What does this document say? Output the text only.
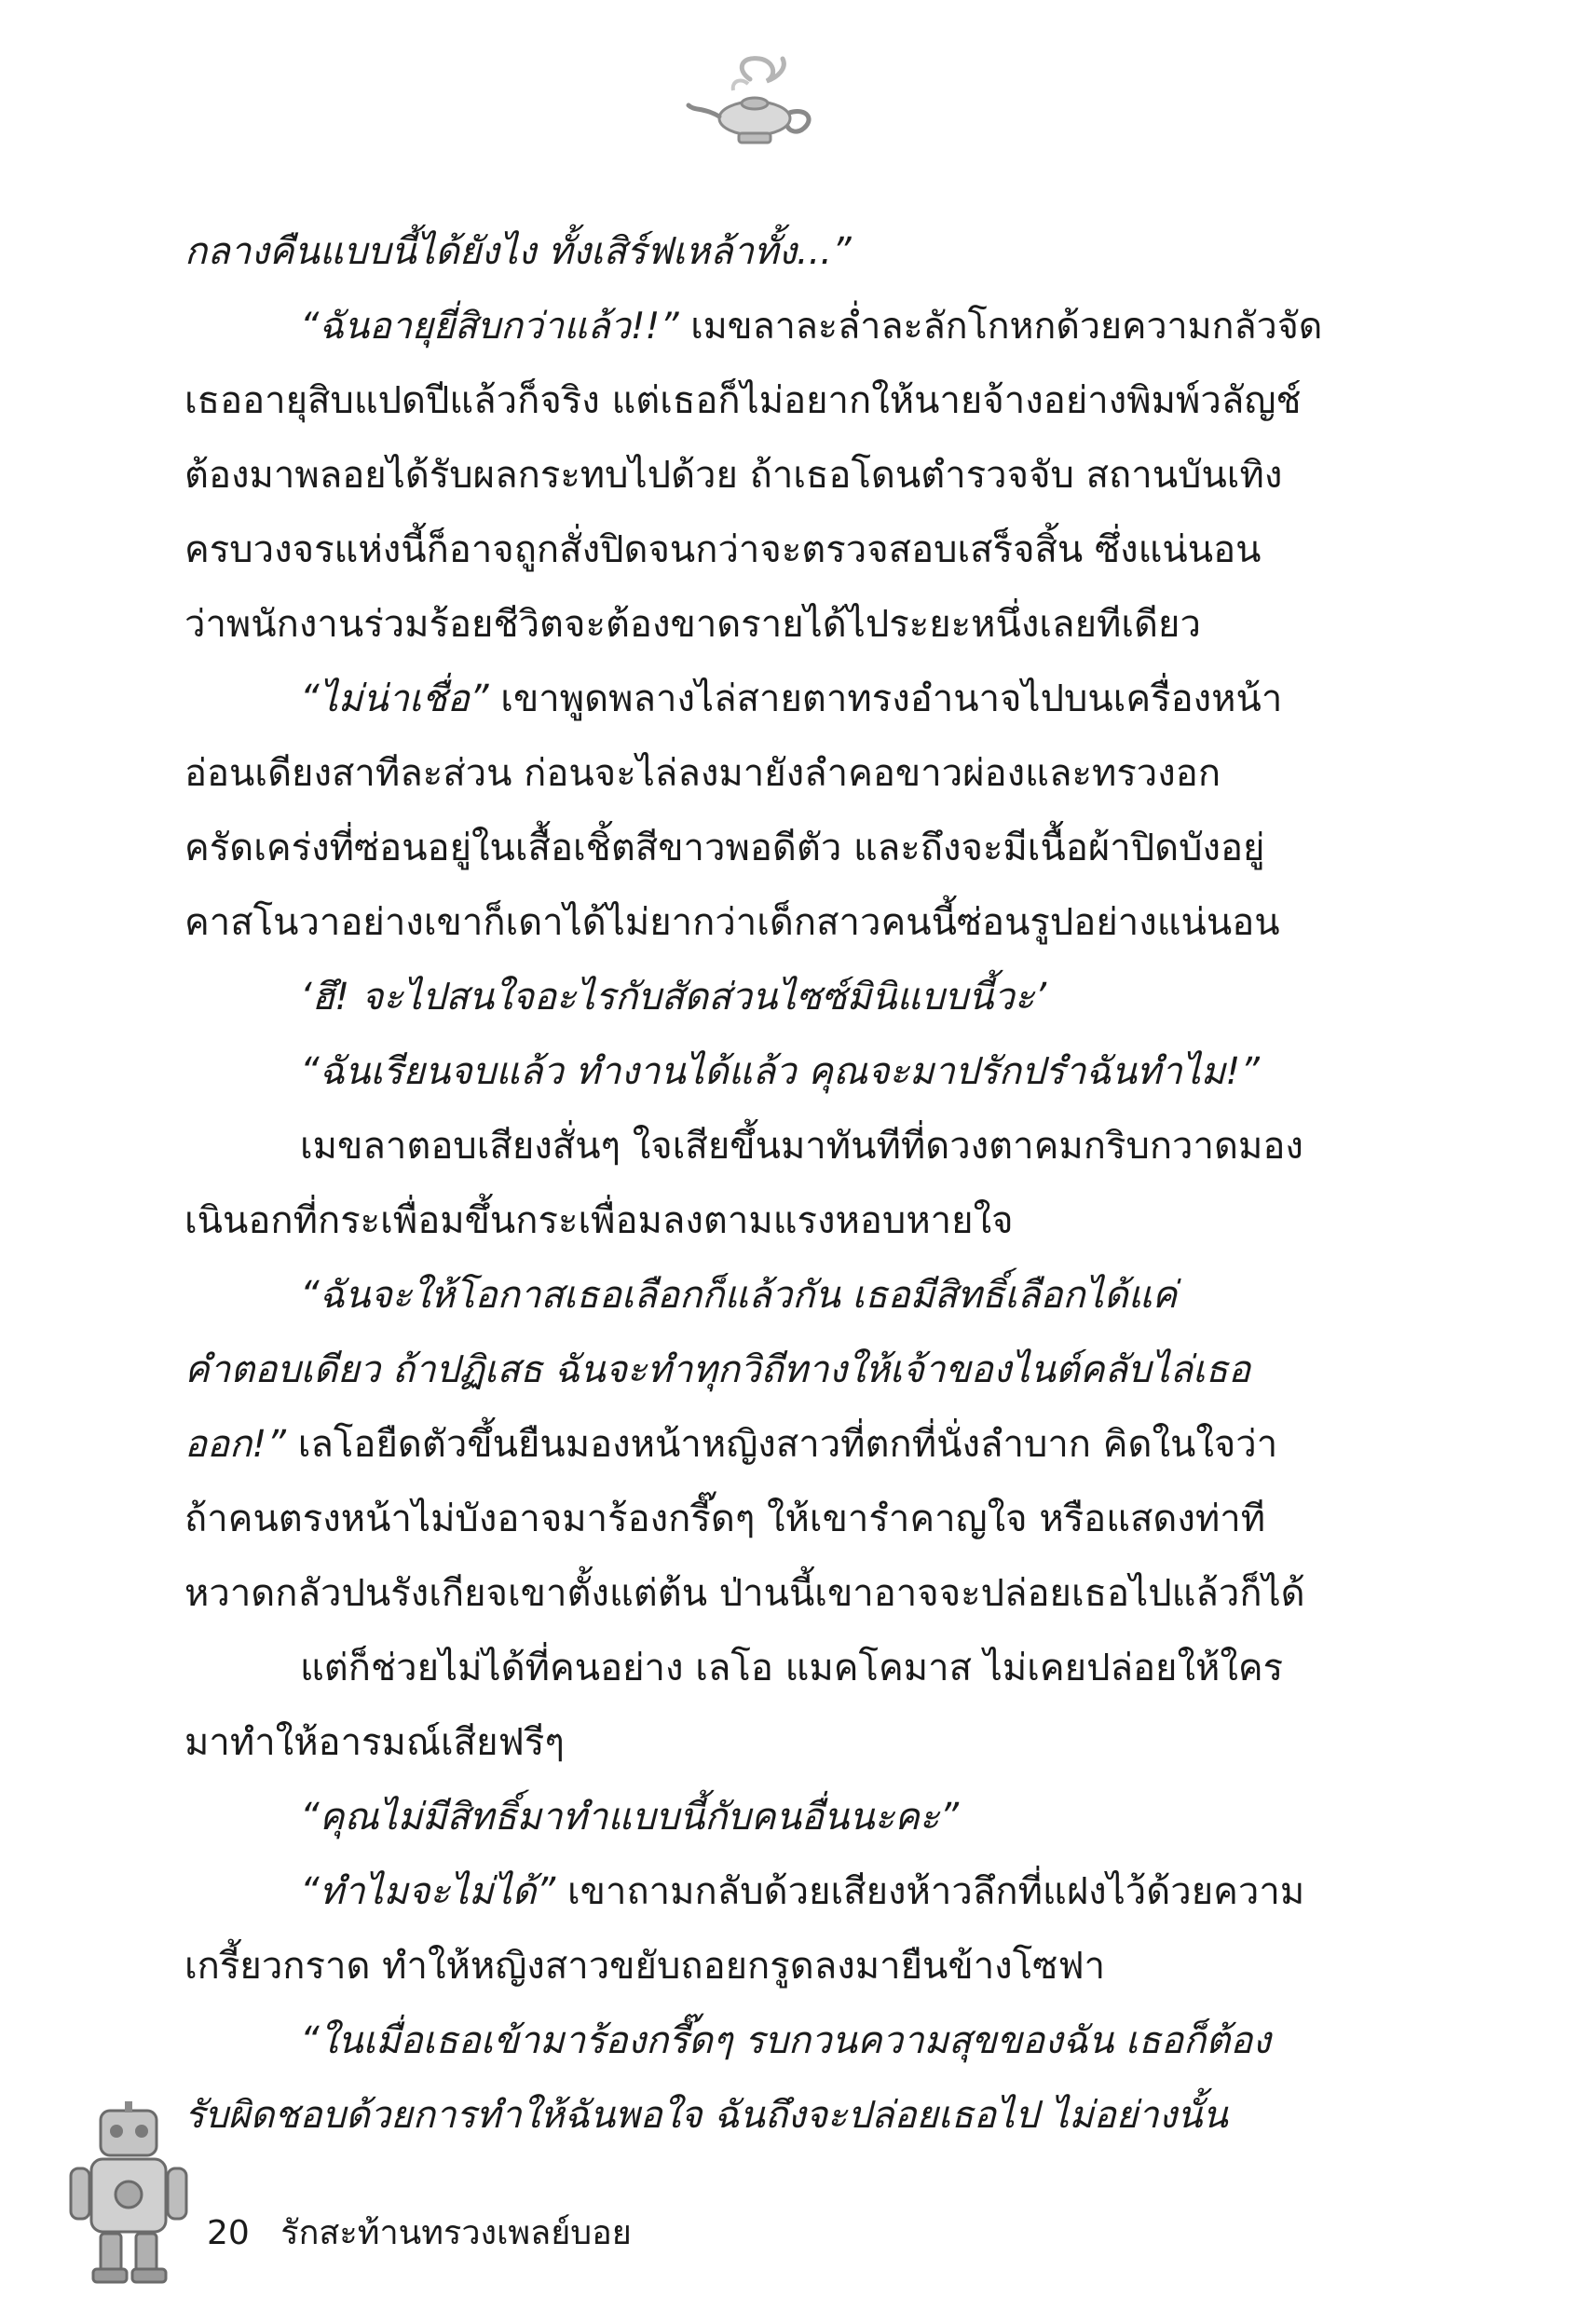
กลางคืนแบบนี้ได้ยังไง ทั้งเสิร์ฟเหล้าทั้ง...”
“ฉันอายุยี่สิบกว่าแล้ว!!” เมขลาละล่ำละลักโกหกด้วยความกลัวจัด
เธออายุสิบแปดปีแล้วก็จริง แต่เธอก็ไม่อยากให้นายจ้างอย่างพิมพ์วลัญช์
ต้องมาพลอยได้รับผลกระทบไปด้วย ถ้าเธอโดนตำรวจจับ สถานบันเทิง
ครบวงจรแห่งนี้ก็อาจถูกสั่งปิดจนกว่าจะตรวจสอบเสร็จสิ้น ซึ่งแน่นอน
ว่าพนักงานร่วมร้อยชีวิตจะต้องขาดรายได้ไประยะหนึ่งเลยทีเดียว
“ไม่น่าเชื่อ” เขาพูดพลางไล่สายตาทรงอำนาจไปบนเครื่องหน้า
อ่อนเดียงสาทีละส่วน ก่อนจะไล่ลงมายังลำคอขาวผ่องและทรวงอก
ครัดเคร่งที่ซ่อนอยู่ในเสื้อเชิ้ตสีขาวพอดีตัว และถึงจะมีเนื้อผ้าปิดบังอยู่
คาสโนวาอย่างเขาก็เดาได้ไม่ยากว่าเด็กสาวคนนี้ซ่อนรูปอย่างแน่นอน
‘ฮึ! จะไปสนใจอะไรกับสัดส่วนไซซ์มินิแบบนี้วะ’
“ฉันเรียนจบแล้ว ทำงานได้แล้ว คุณจะมาปรักปรำฉันทำไม!”
เมขลาตอบเสียงสั่นๆ ใจเสียขึ้นมาทันทีที่ดวงตาคมกริบกวาดมอง
เนินอกที่กระเพื่อมขึ้นกระเพื่อมลงตามแรงหอบหายใจ
“ฉันจะให้โอกาสเธอเลือกก็แล้วกัน เธอมีสิทธิ์เลือกได้แค่
คำตอบเดียว ถ้าปฏิเสธ ฉันจะทำทุกวิถีทางให้เจ้าของไนต์คลับไล่เธอ
ออก!” เลโอยืดตัวขึ้นยืนมองหน้าหญิงสาวที่ตกที่นั่งลำบาก คิดในใจว่า
ถ้าคนตรงหน้าไม่บังอาจมาร้องกรี๊ดๆ ให้เขารำคาญใจ หรือแสดงท่าที
หวาดกลัวปนรังเกียจเขาตั้งแต่ต้น ป่านนี้เขาอาจจะปล่อยเธอไปแล้วก็ได้
แต่ก็ช่วยไม่ได้ที่คนอย่าง เลโอ แมคโคมาส ไม่เคยปล่อยให้ใคร
มาทำให้อารมณ์เสียฟรีๆ
“คุณไม่มีสิทธิ์มาทำแบบนี้กับคนอื่นนะคะ”
“ทำไมจะไม่ได้” เขาถามกลับด้วยเสียงห้าวลึกที่แฝงไว้ด้วยความ
เกรี้ยวกราด ทำให้หญิงสาวขยับถอยกรูดลงมายืนข้างโซฟา
“ในเมื่อเธอเข้ามาร้องกรี๊ดๆ รบกวนความสุขของฉัน เธอก็ต้อง
รับผิดชอบด้วยการทำให้ฉันพอใจ ฉันถึงจะปล่อยเธอไป ไม่อย่างนั้น
20 รักสะท้านทรวงเพลย์บอย
